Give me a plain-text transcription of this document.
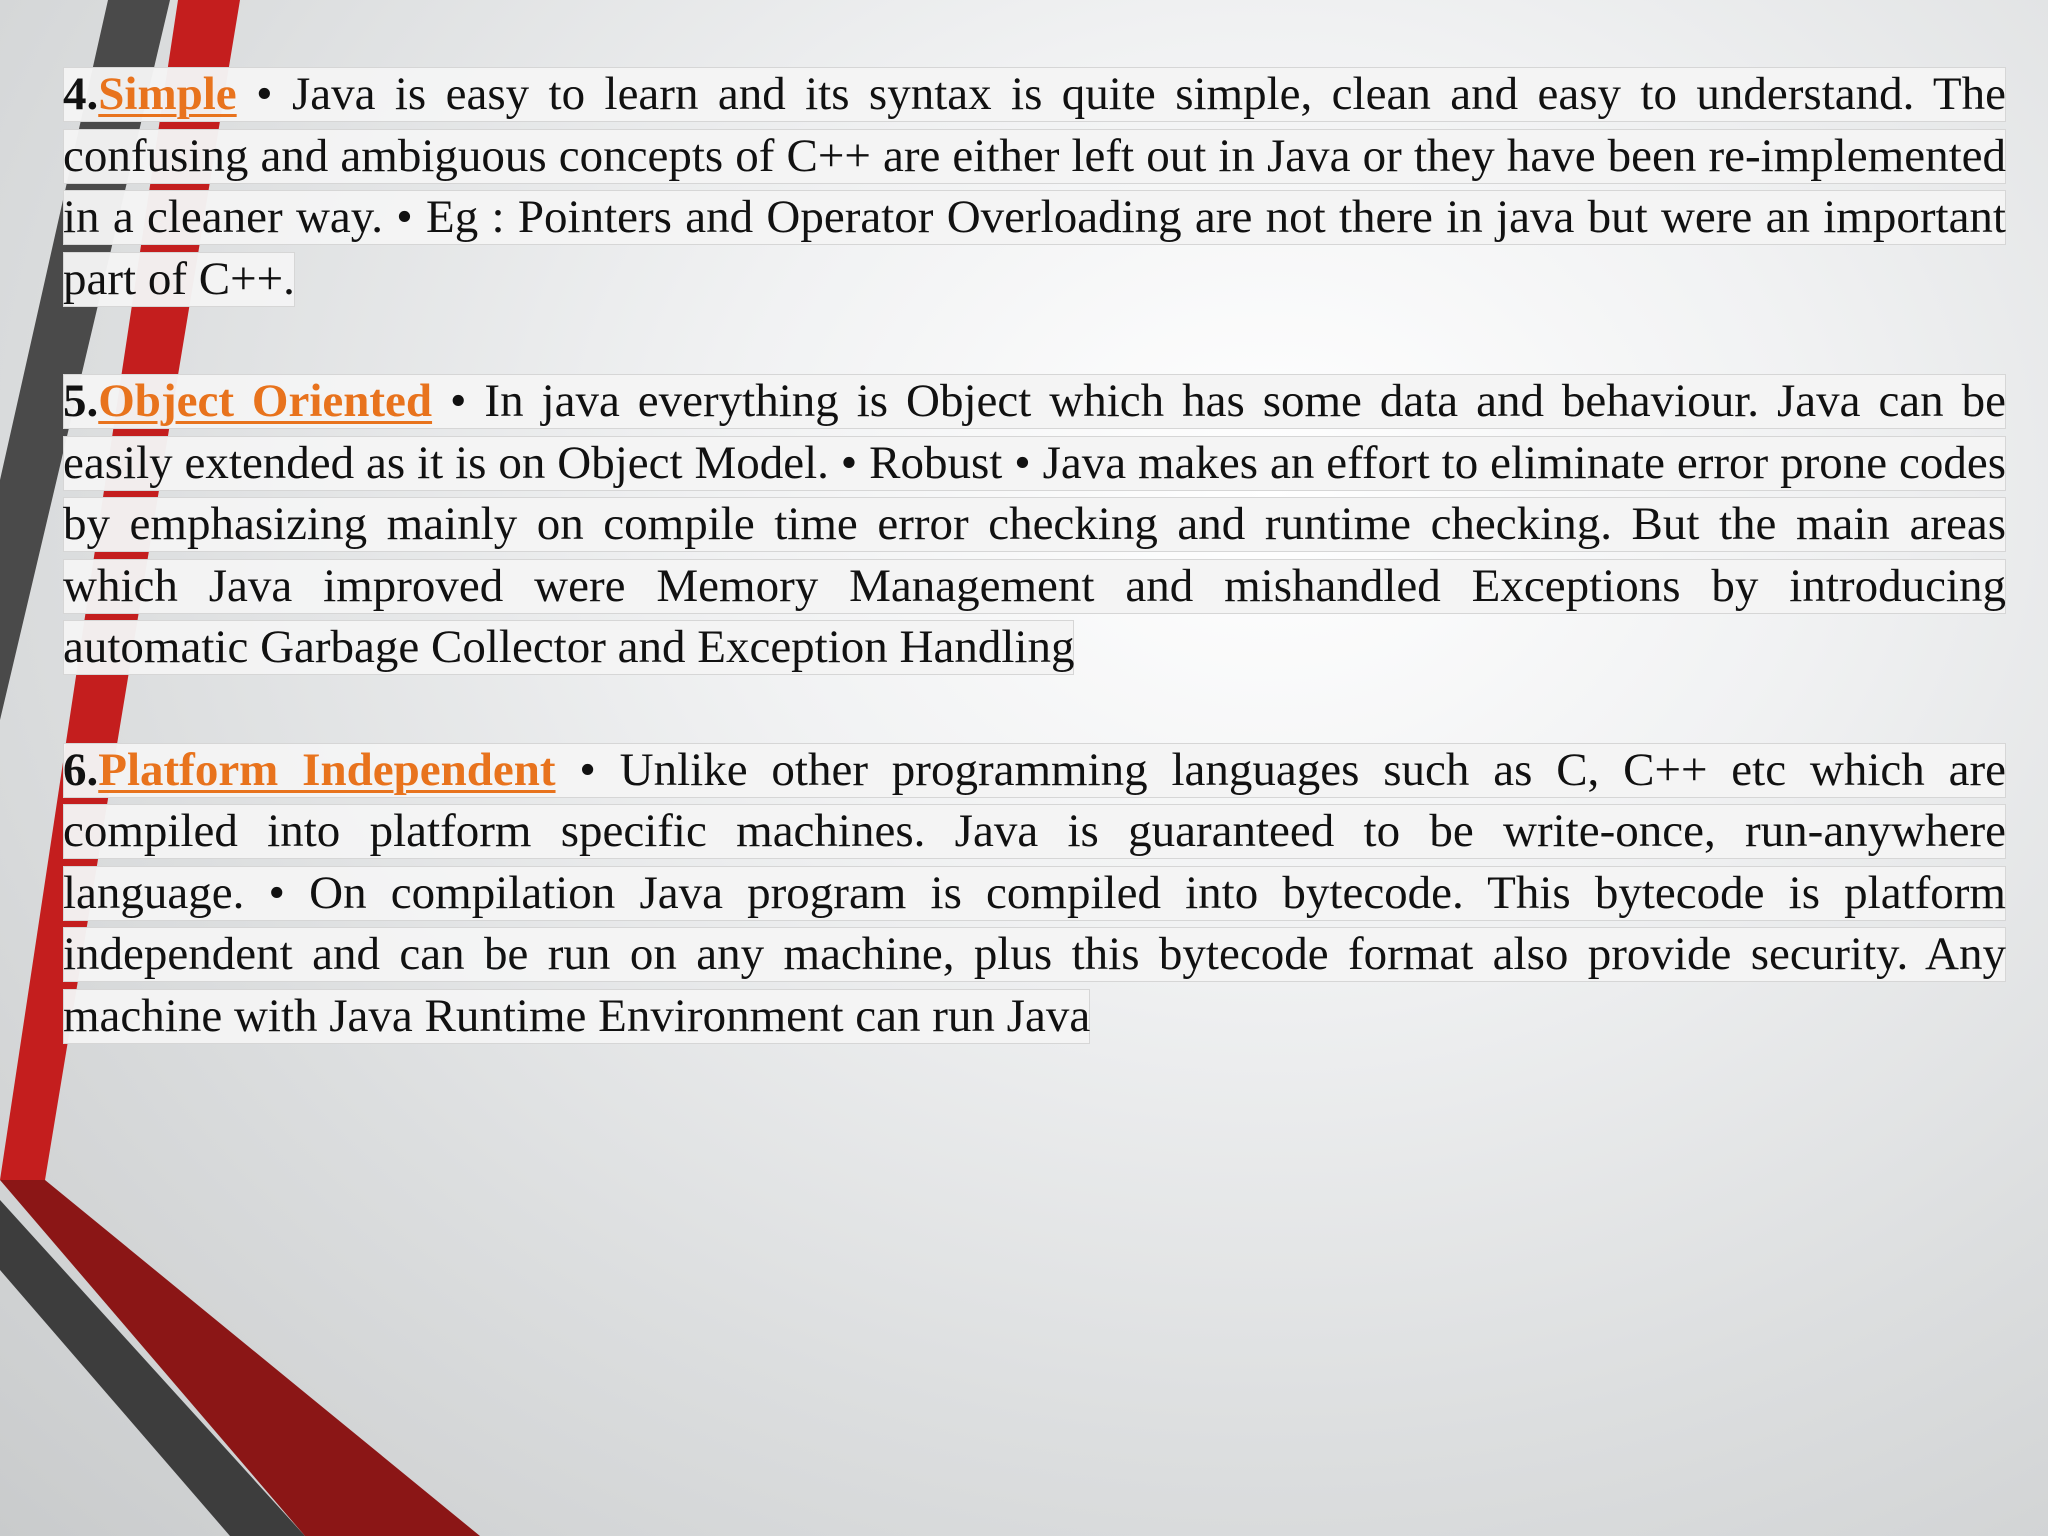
4.Simple • Java is easy to learn and its syntax is quite simple, clean and easy to understand. The confusing and ambiguous concepts of C++ are either left out in Java or they have been re-implemented in a cleaner way. • Eg : Pointers and Operator Overloading are not there in java but were an important part of C++.

5.Object Oriented • In java everything is Object which has some data and behaviour. Java can be easily extended as it is on Object Model. • Robust • Java makes an effort to eliminate error prone codes by emphasizing mainly on compile time error checking and runtime checking. But the main areas which Java improved were Memory Management and mishandled Exceptions by introducing automatic Garbage Collector and Exception Handling

6.Platform Independent • Unlike other programming languages such as C, C++ etc which are compiled into platform specific machines. Java is guaranteed to be write-once, run-anywhere language. • On compilation Java program is compiled into bytecode. This bytecode is platform independent and can be run on any machine, plus this bytecode format also provide security. Any machine with Java Runtime Environment can run Java
